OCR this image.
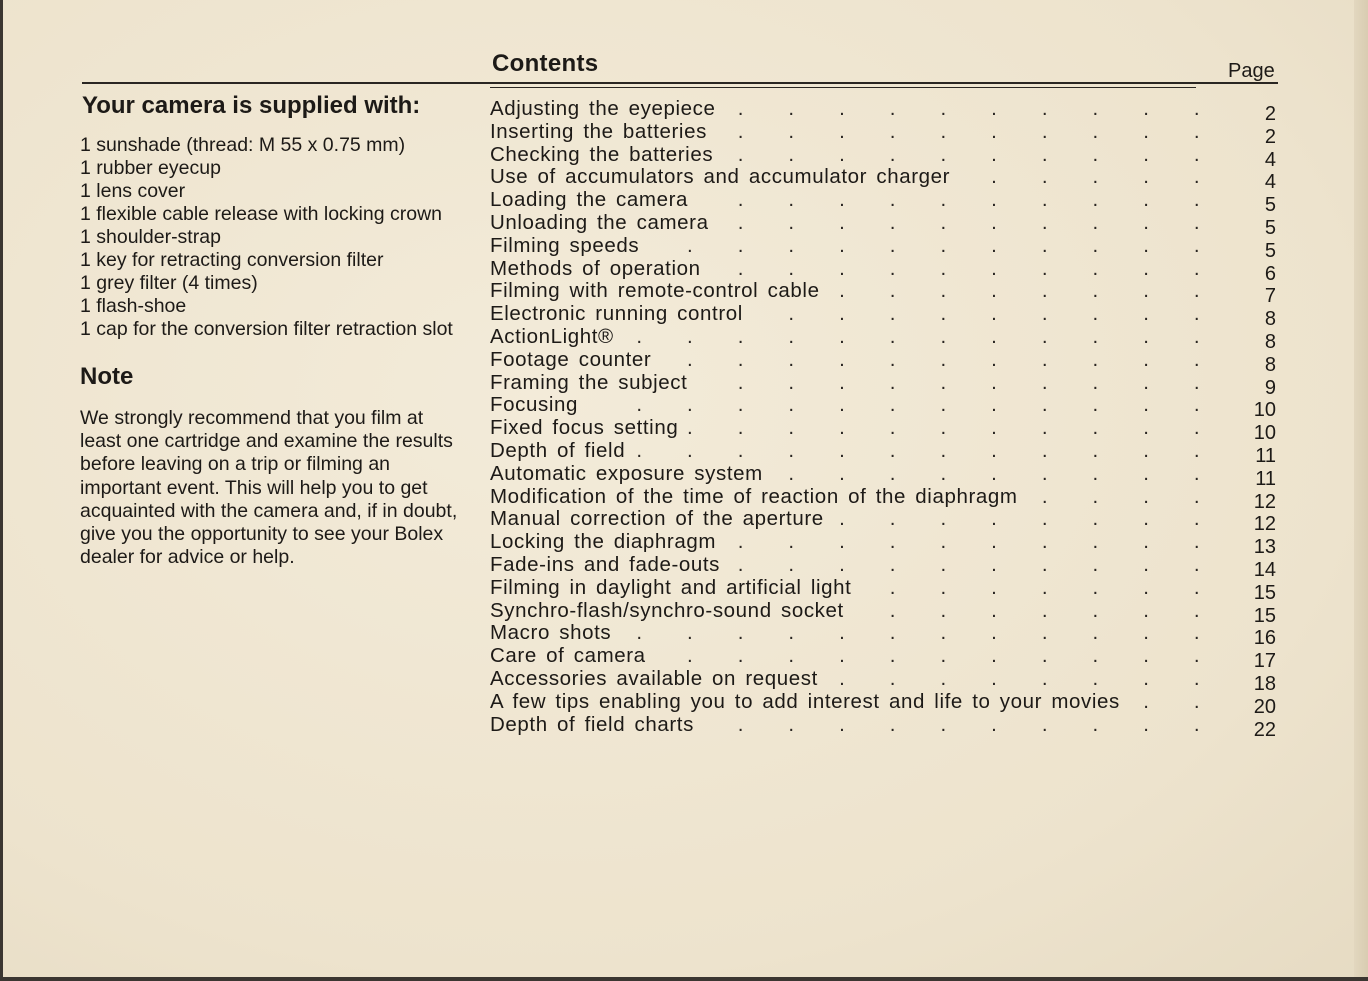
Contents	Page
Your camera is supplied with:
1 sunshade (thread: M 55 x 0.75 mm)
1 rubber eyecup
1 lens cover
1 flexible cable release with locking crown
1 shoulder-strap
1 key for retracting conversion filter
1 grey filter (4 times)
1 flash-shoe
1 cap for the conversion filter retraction slot
Note
We strongly recommend that you film at least one cartridge and examine the results before leaving on a trip or filming an important event. This will help you to get acquainted with the camera and, if in doubt, give you the opportunity to see your Bolex dealer for advice or help.
. . . . . . . . . .
Adjusting the eyepiece	2
. . . . . . . . . .
Inserting the batteries	2
. . . . . . . . . .
Checking the batteries	4
. . . . .
Use of accumulators and accumulator charger	4
. . . . . . . . . .
Loading the camera	5
. . . . . . . . . .
Unloading the camera	5
. . . . . . . . . . .
Filming speeds	5
. . . . . . . . . .
Methods of operation	6
. . . . . . . .
Filming with remote-control cable	7
. . . . . . . . .
Electronic running control	8
. . . . . . . . . . . .
ActionLight®	8
. . . . . . . . . . .
Footage counter	8
. . . . . . . . . .
Framing the subject	9
. . . . . . . . . . . .
Focusing	10
. . . . . . . . . . .
Fixed focus setting	10
. . . . . . . . . . . .
Depth of field	11
. . . . . . . . .
Automatic exposure system	11
. . . .
Modification of the time of reaction of the diaphragm	12
. . . . . . . .
Manual correction of the aperture	12
. . . . . . . . . .
Locking the diaphragm	13
. . . . . . . . . .
Fade-ins and fade-outs	14
. . . . . . .
Filming in daylight and artificial light	15
. . . . . . .
Synchro-flash/synchro-sound socket	15
. . . . . . . . . . . .
Macro shots	16
. . . . . . . . . . .
Care of camera	17
. . . . . . . .
Accessories available on request	18
. .
A few tips enabling you to add interest and life to your movies	20
. . . . . . . . . .
Depth of field charts	22
